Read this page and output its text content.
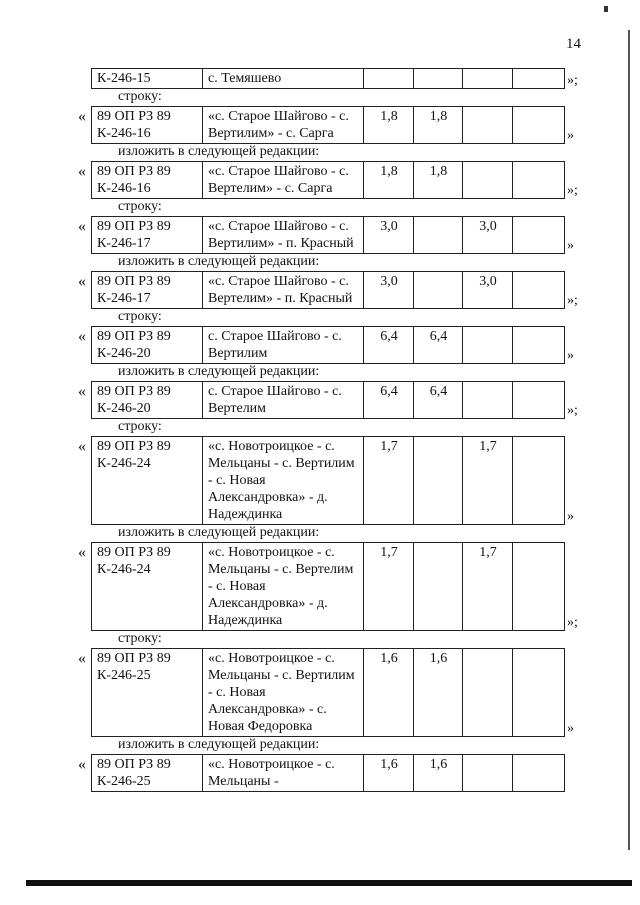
14
К-246-15	с. Темяшево					»;
строку:
« 89 ОП РЗ 89 К-246-16	«с. Старое Шайгово - с. Вертилим» - с. Сарга	1,8	1,8		
»
изложить в следующей редакции:
« 89 ОП РЗ 89 К-246-16	«с. Старое Шайгово - с. Вертелим» - с. Сарга	1,8	1,8		
»;
строку:
« 89 ОП РЗ 89 К-246-17	«с. Старое Шайгово - с. Вертилим» - п. Красный	3,0		3,0	
»
изложить в следующей редакции:
« 89 ОП РЗ 89 К-246-17	«с. Старое Шайгово - с. Вертелим» - п. Красный	3,0		3,0	
»;
строку:
« 89 ОП РЗ 89 К-246-20	с. Старое Шайгово - с. Вертилим	6,4	6,4		
»
изложить в следующей редакции:
« 89 ОП РЗ 89 К-246-20	с. Старое Шайгово - с. Вертелим	6,4	6,4		
»;
строку:
« 89 ОП РЗ 89 К-246-24	«с. Новотроицкое - с. Мельцаны - с. Вертилим - с. Новая Александровка» - д. Надеждинка	1,7		1,7	
»
изложить в следующей редакции:
« 89 ОП РЗ 89 К-246-24	«с. Новотроицкое - с. Мельцаны - с. Вертелим - с. Новая Александровка» - д. Надеждинка	1,7		1,7	
»;
строку:
« 89 ОП РЗ 89 К-246-25	«с. Новотроицкое - с. Мельцаны - с. Вертилим - с. Новая Александровка» - с. Новая Федоровка	1,6	1,6		
»
изложить в следующей редакции:
« 89 ОП РЗ 89 К-246-25	«с. Новотроицкое - с. Мельцаны -	1,6	1,6		
